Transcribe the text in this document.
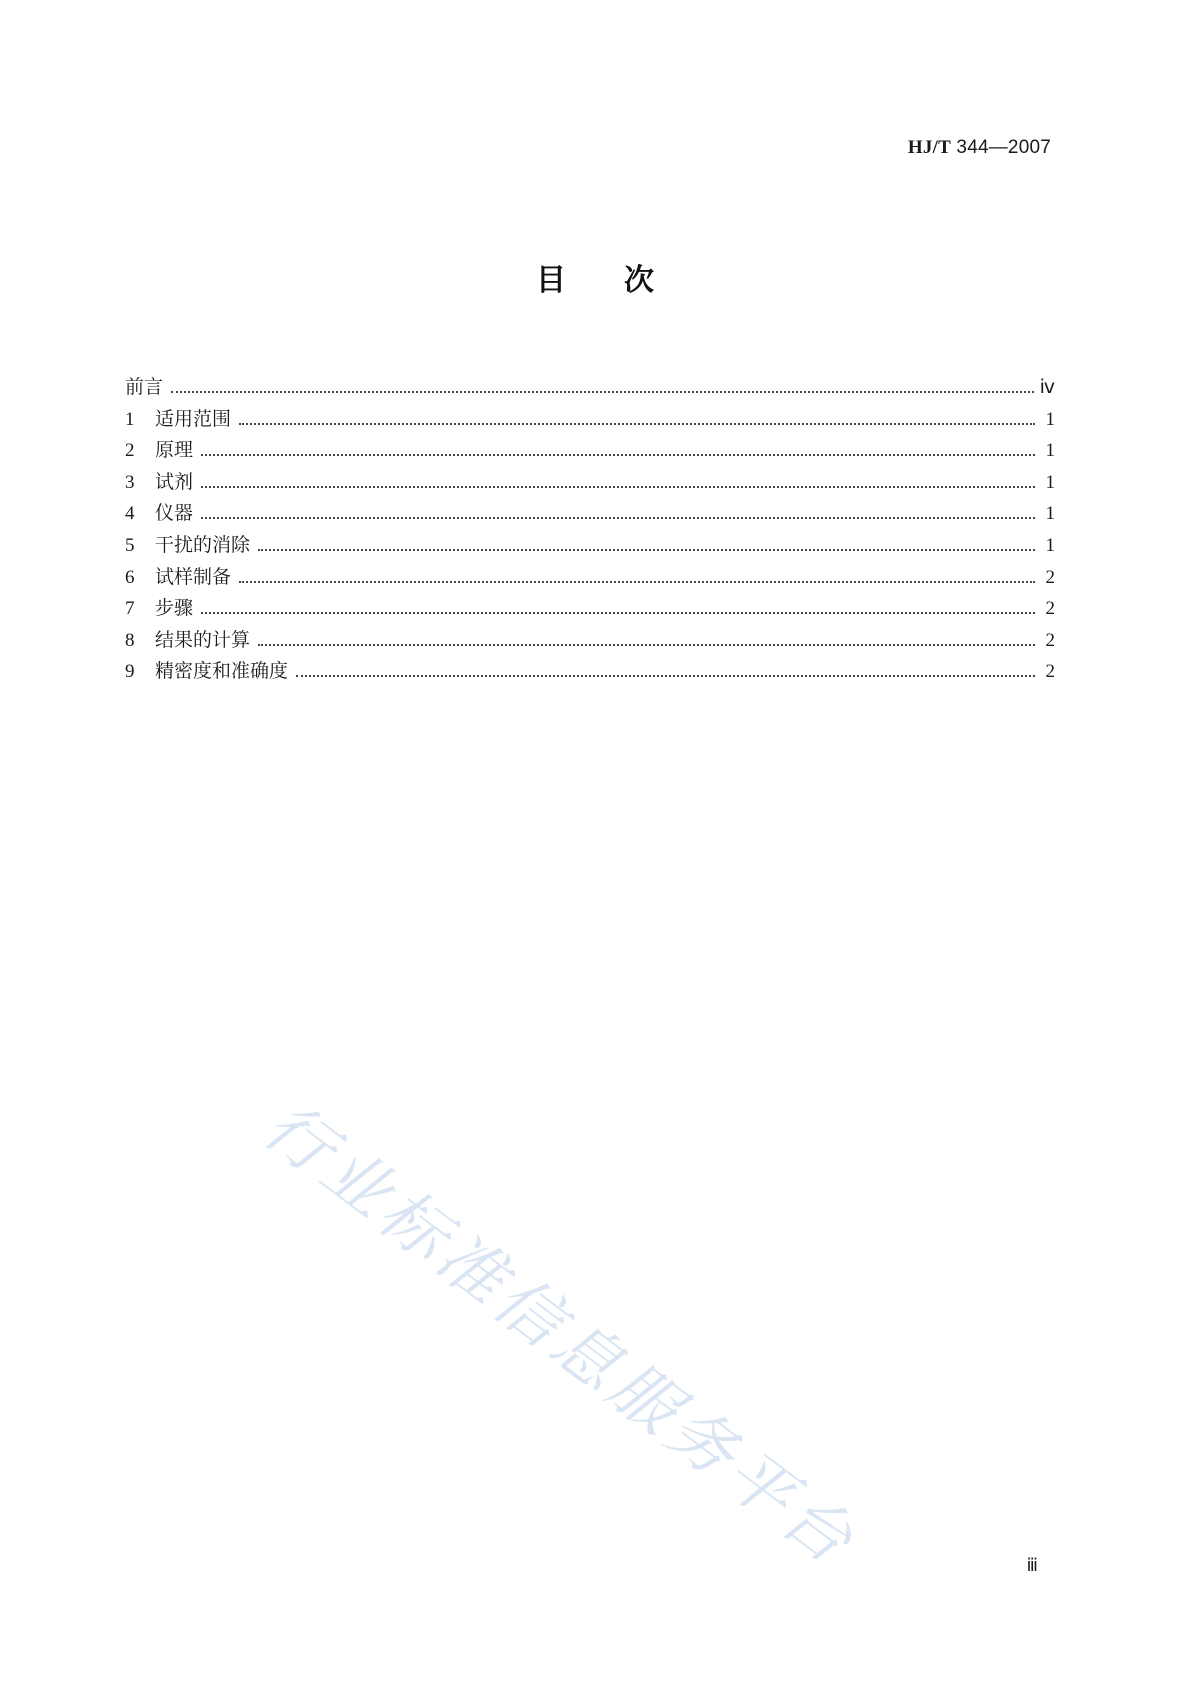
HJ/T 344—2007
目次
前言	ⅳ
1	适用范围	1
2	原理	1
3	试剂	1
4	仪器	1
5	干扰的消除	1
6	试样制备	2
7	步骤	2
8	结果的计算	2
9	精密度和准确度	2
行业标准信息服务平台	ⅲ
